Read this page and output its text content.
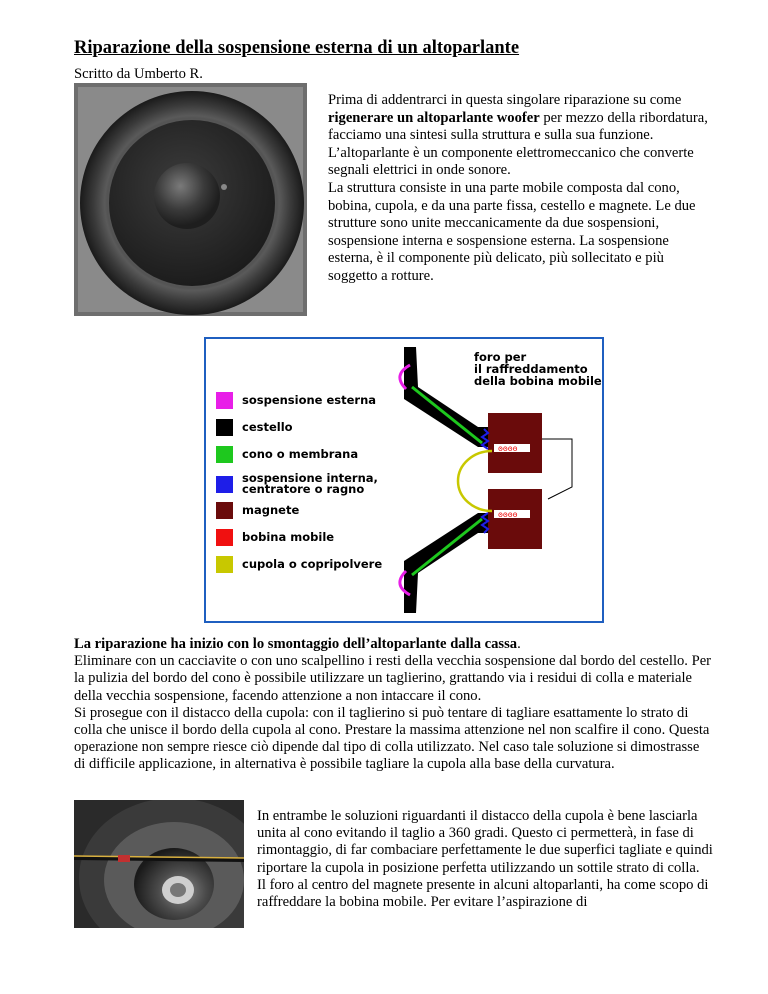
Riparazione della sospensione esterna di un altoparlante
Scritto da Umberto R.

Prima di addentrarci in questa singolare riparazione su come rigenerare un altoparlante woofer per mezzo della ribordatura, facciamo una sintesi sulla struttura e sulla sua funzione. L’altoparlante è un componente elettromeccanico che converte segnali elettrici in onde sonore.

La struttura consiste in una parte mobile composta dal cono, bobina, cupola, e da una parte fissa, cestello e magnete. Le due strutture sono unite meccanicamente da due sospensioni, sospensione interna e sospensione esterna. La sospensione esterna, è il componente più delicato, più sollecitato e più soggetto a rotture.

ꙩꙩꙩꙩ
ꙩꙩꙩꙩ
foro per
il raffreddamento
della bobina mobile
sospensione esterna
cestello
cono o membrana
sospensione interna,
centratore o ragno
magnete
bobina mobile
cupola o copripolvere

La riparazione ha inizio con lo smontaggio dell’altoparlante dalla cassa.

Eliminare con un cacciavite o con uno scalpellino i resti della vecchia sospensione dal bordo del cestello. Per la pulizia del bordo del cono è possibile utilizzare un taglierino, grattando via i residui di colla e materiale della vecchia sospensione, facendo attenzione a non intaccare il cono.

Si prosegue con il distacco della cupola: con il taglierino si può tentare di tagliare esattamente lo strato di colla che unisce il bordo della cupola al cono. Prestare la massima attenzione nel non scalfire il cono. Questa operazione non sempre riesce ciò dipende dal tipo di colla utilizzato. Nel caso tale soluzione si dimostrasse di difficile applicazione, in alternativa è possibile tagliare la cupola alla base della curvatura.

In entrambe le soluzioni riguardanti il distacco della cupola è bene lasciarla unita al cono evitando il taglio a 360 gradi. Questo ci permetterà, in fase di rimontaggio, di far combaciare perfettamente le due superfici tagliate e quindi riportare la cupola in posizione perfetta utilizzando un sottile strato di colla.

Il foro al centro del magnete presente in alcuni altoparlanti, ha come scopo di raffreddare la bobina mobile. Per evitare l’aspirazione di
